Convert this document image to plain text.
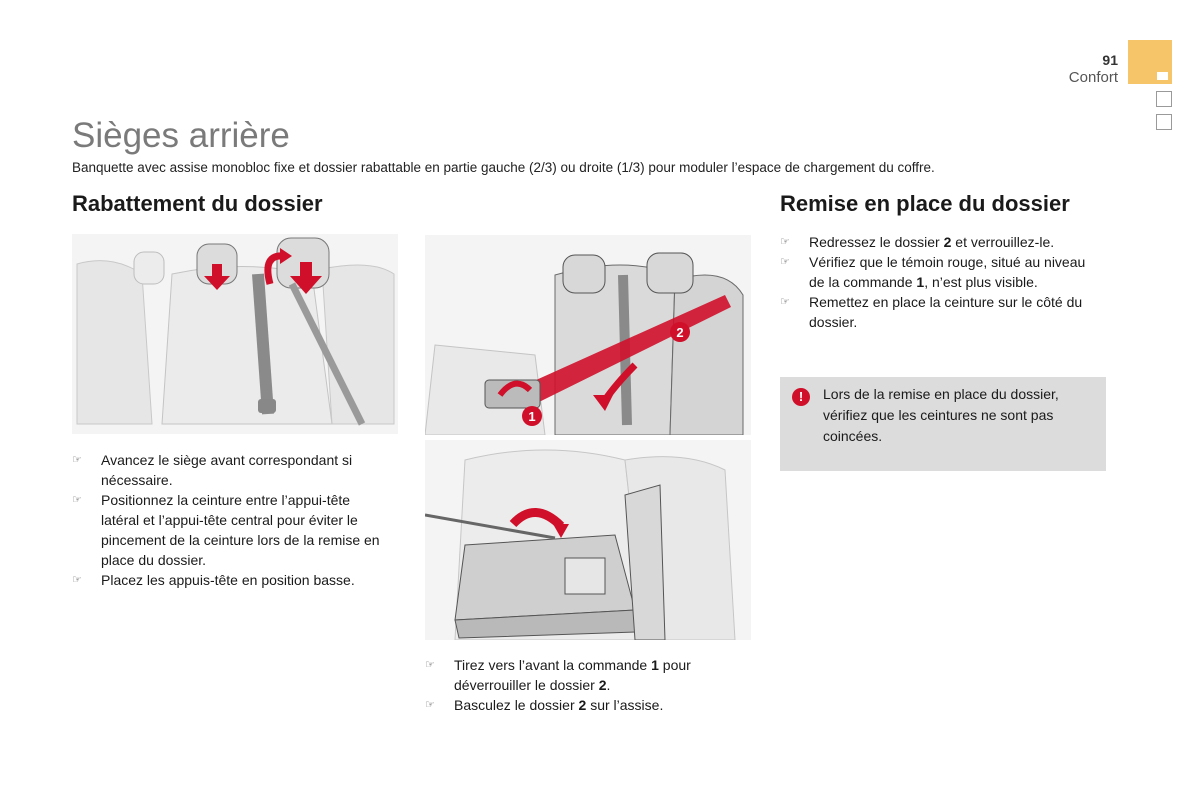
91
Confort
Sièges arrière
Banquette avec assise monobloc fixe et dossier rabattable en partie gauche (2/3) ou droite (1/3) pour moduler l’espace de chargement du coffre.
Rabattement du dossier
☞ Avancez le siège avant correspondant si nécessaire.
☞ Positionnez la ceinture entre l’appui-tête latéral et l’appui-tête central pour éviter le pincement de la ceinture lors de la remise en place du dossier.
☞ Placez les appuis-tête en position basse.
1
2
☞ Tirez vers l’avant la commande 1 pour déverrouiller le dossier 2.
☞ Basculez le dossier 2 sur l’assise.
Remise en place du dossier
☞ Redressez le dossier 2 et verrouillez-le.
☞ Vérifiez que le témoin rouge, situé au niveau de la commande 1, n’est plus visible.
☞ Remettez en place la ceinture sur le côté du dossier.
!	Lors de la remise en place du dossier, vérifiez que les ceintures ne sont pas coincées.
